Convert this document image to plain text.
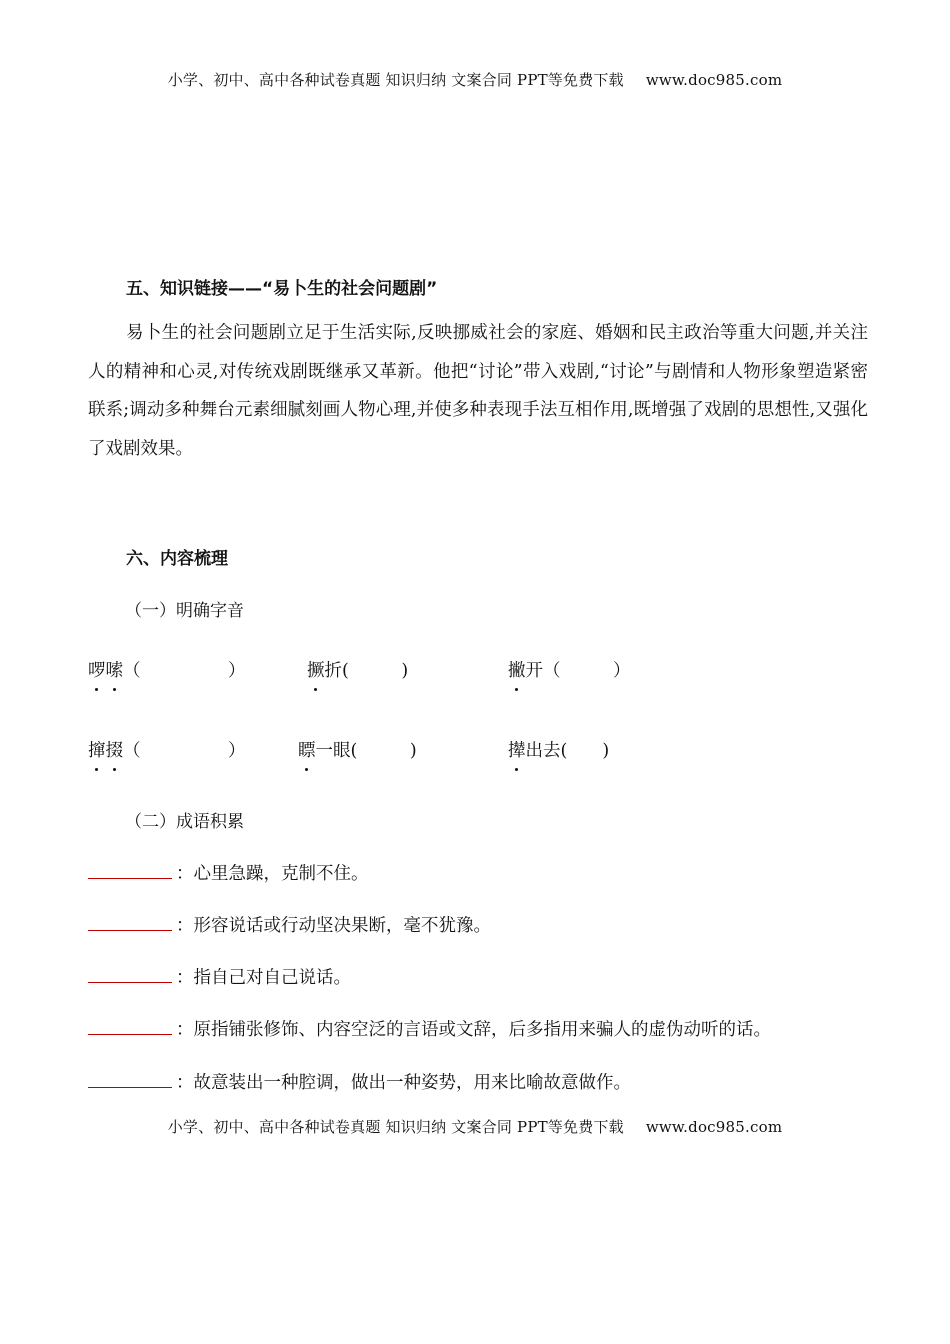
小学、初中、高中各种试卷真题 知识归纳 文案合同 PPT等免费下载 www.doc985.com
五、知识链接——“易卜生的社会问题剧”
易卜生的社会问题剧立足于生活实际,反映挪威社会的家庭、婚姻和民主政治等重大问题,并关注人的精神和心灵,对传统戏剧既继承又革新。他把“讨论”带入戏剧,“讨论”与剧情和人物形象塑造紧密联系;调动多种舞台元素细腻刻画人物心理,并使多种表现手法互相作用,既增强了戏剧的思想性,又强化了戏剧效果。
六、内容梳理
（一）明确字音
啰嗦（　　　　　）	撅折(　　　)	撇开（　　　）
撺掇（　　　　　）	瞟一眼(　　　)	撵出去(　　)
（二）成语积累
：心里急躁，克制不住。
：形容说话或行动坚决果断，毫不犹豫。
：指自己对自己说话。
：原指铺张修饰、内容空泛的言语或文辞，后多指用来骗人的虚伪动听的话。
：故意装出一种腔调，做出一种姿势，用来比喻故意做作。
小学、初中、高中各种试卷真题 知识归纳 文案合同 PPT等免费下载 www.doc985.com
